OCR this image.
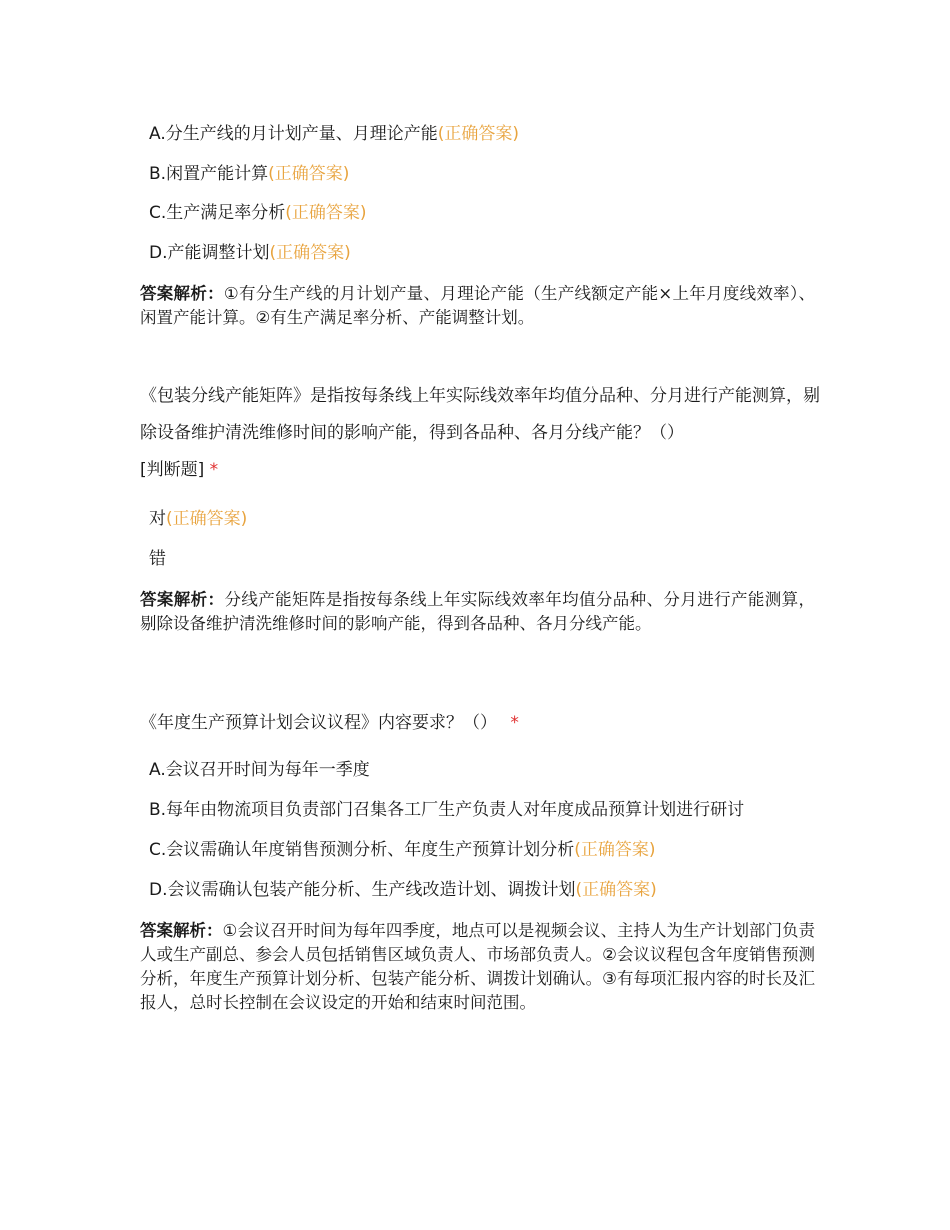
A.分生产线的月计划产量、月理论产能(正确答案)
B.闲置产能计算(正确答案)
C.生产满足率分析(正确答案)
D.产能调整计划(正确答案)
答案解析：①有分生产线的月计划产量、月理论产能（生产线额定产能×上年月度线效率）、闲置产能计算。②有生产满足率分析、产能调整计划。
《包装分线产能矩阵》是指按每条线上年实际线效率年均值分品种、分月进行产能测算，剔除设备维护清洗维修时间的影响产能，得到各品种、各月分线产能？（）
[判断题] *
对(正确答案)
错
答案解析：分线产能矩阵是指按每条线上年实际线效率年均值分品种、分月进行产能测算，剔除设备维护清洗维修时间的影响产能，得到各品种、各月分线产能。
《年度生产预算计划会议议程》内容要求？（） *
A.会议召开时间为每年一季度
B.每年由物流项目负责部门召集各工厂生产负责人对年度成品预算计划进行研讨
C.会议需确认年度销售预测分析、年度生产预算计划分析(正确答案)
D.会议需确认包装产能分析、生产线改造计划、调拨计划(正确答案)
答案解析：①会议召开时间为每年四季度，地点可以是视频会议、主持人为生产计划部门负责人或生产副总、参会人员包括销售区域负责人、市场部负责人。②会议议程包含年度销售预测分析，年度生产预算计划分析、包装产能分析、调拨计划确认。③有每项汇报内容的时长及汇报人，总时长控制在会议设定的开始和结束时间范围。
